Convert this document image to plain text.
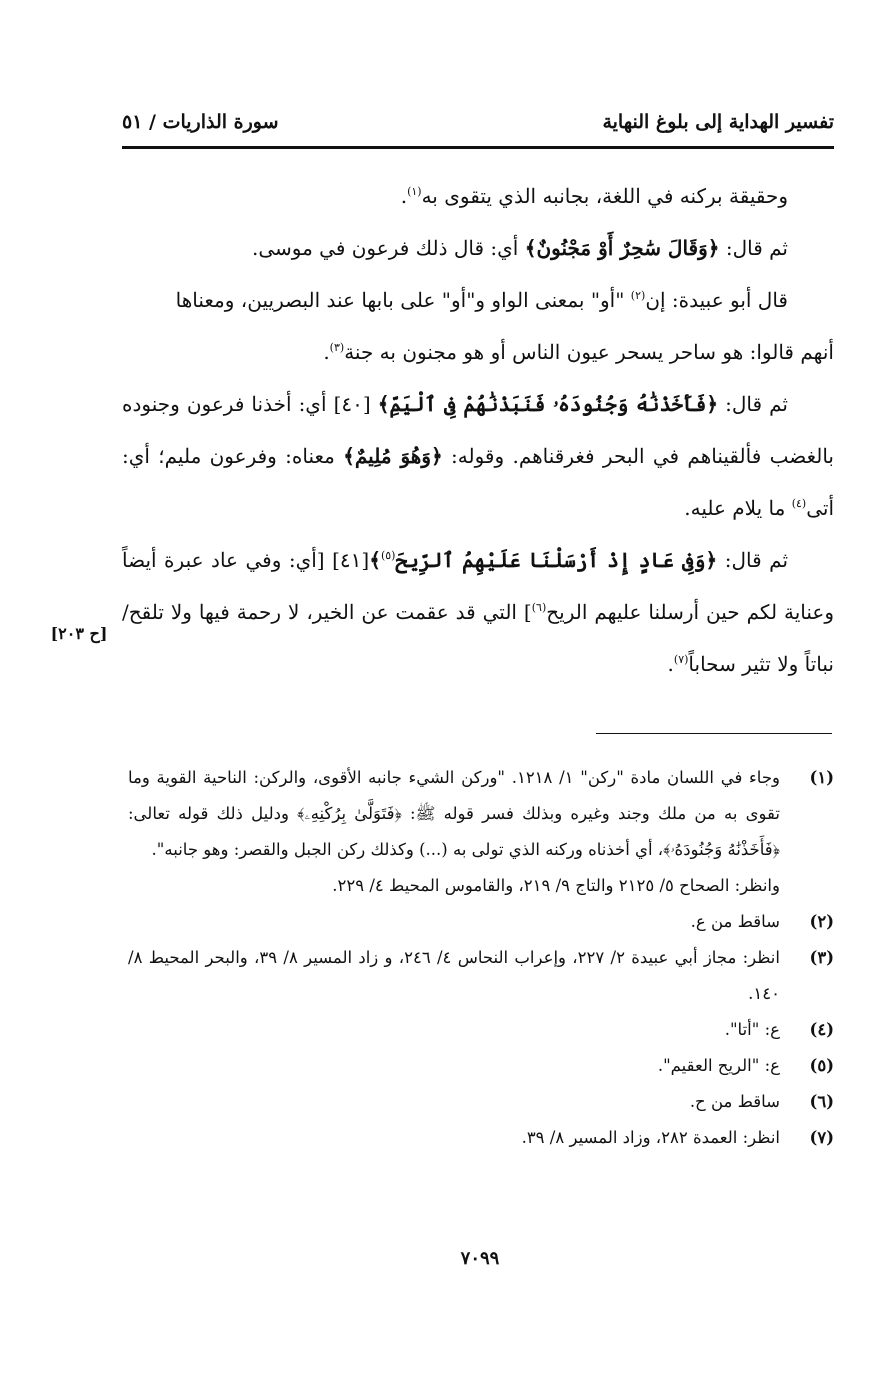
تفسير الهداية إلى بلوغ النهاية
سورة الذاريات / ٥١

وحقيقة بركنه في اللغة، بجانبه الذي يتقوى به$^{(١)}$.

ثم قال: ﴿وَقَالَ سَٰحِرٌ أَوْ مَجْنُونٌ﴾ أي: قال ذلك فرعون في موسى.

قال أبو عبيدة: إن$^{(٢)}$ "أو" بمعنى الواو و"أو" على بابها عند البصريين، ومعناها

أنهم قالوا: هو ساحر يسحر عيون الناس أو هو مجنون به جنة$^{(٣)}$.

ثم قال: ﴿فَأَخَذْنَٰهُ وَجُنُودَهُۥ فَنَبَذْنَٰهُمْ فِى ٱلْيَمِّ﴾ [٤٠] أي: أخذنا فرعون وجنوده بالغضب فألقيناهم في البحر فغرقناهم. وقوله: ﴿وَهُوَ مُلِيمٌ﴾ معناه: وفرعون مليم؛ أي: أتى$^{(٤)}$ ما يلام عليه.

ثم قال: ﴿وَفِى عَادٍ إِذْ أَرْسَلْنَا عَلَيْهِمُ ٱلرِّيحَ$^{(٥)}$﴾[٤١] [أي: وفي عاد عبرة أيضاً وعناية لكم حين أرسلنا عليهم الريح$^{(٦)}$] التي قد عقمت عن الخير، لا رحمة فيها ولا تلقح/ نباتاً ولا تثير سحاباً$^{(٧)}$.

[ح ٢٠٣]
(١)

وجاء في اللسان مادة "ركن" ١/ ١٢١٨. "وركن الشيء جانبه الأقوى، والركن: الناحية القوية وما تقوى به من ملك وجند وغيره وبذلك فسر قوله ﷺ: ﴿فَتَوَلَّىٰ بِرُكْنِهِۦ﴾ ودليل ذلك قوله تعالى: ﴿فَأَخَذْنَٰهُ وَجُنُودَهُۥ﴾، أي أخذناه وركنه الذي تولى به (...) وكذلك ركن الجبل والقصر: وهو جانبه".

وانظر: الصحاح ٥/ ٢١٢٥ والتاج ٩/ ٢١٩، والقاموس المحيط ٤/ ٢٢٩.

(٢)

ساقط من ع.

(٣)

انظر: مجاز أبي عبيدة ٢/ ٢٢٧، وإعراب النحاس ٤/ ٢٤٦، و زاد المسير ٨/ ٣٩، والبحر المحيط ٨/ ١٤٠.

(٤)

ع: "أتا".

(٥)

ع: "الريح العقيم".

(٦)

ساقط من ح.

(٧)

انظر: العمدة ٢٨٢، وزاد المسير ٨/ ٣٩.

٧٠٩٩
